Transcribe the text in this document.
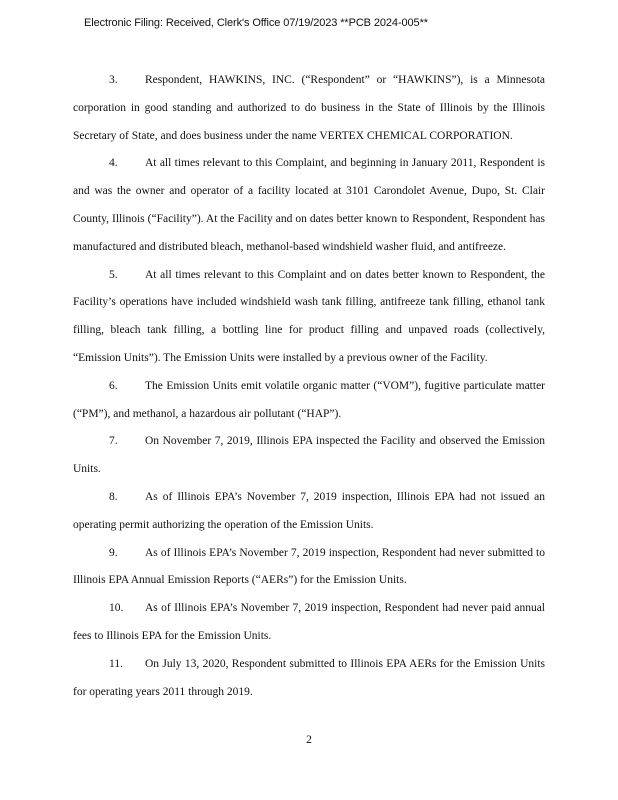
Electronic Filing: Received, Clerk's Office 07/19/2023 **PCB 2024-005**

3. Respondent, HAWKINS, INC. (“Respondent” or “HAWKINS”), is a Minnesota corporation in good standing and authorized to do business in the State of Illinois by the Illinois Secretary of State, and does business under the name VERTEX CHEMICAL CORPORATION.

4. At all times relevant to this Complaint, and beginning in January 2011, Respondent is and was the owner and operator of a facility located at 3101 Carondolet Avenue, Dupo, St. Clair County, Illinois (“Facility”). At the Facility and on dates better known to Respondent, Respondent has manufactured and distributed bleach, methanol-based windshield washer fluid, and antifreeze.

5. At all times relevant to this Complaint and on dates better known to Respondent, the Facility’s operations have included windshield wash tank filling, antifreeze tank filling, ethanol tank filling, bleach tank filling, a bottling line for product filling and unpaved roads (collectively, “Emission Units”). The Emission Units were installed by a previous owner of the Facility.

6. The Emission Units emit volatile organic matter (“VOM”), fugitive particulate matter (“PM”), and methanol, a hazardous air pollutant (“HAP”).

7. On November 7, 2019, Illinois EPA inspected the Facility and observed the Emission Units.

8. As of Illinois EPA’s November 7, 2019 inspection, Illinois EPA had not issued an operating permit authorizing the operation of the Emission Units.

9. As of Illinois EPA’s November 7, 2019 inspection, Respondent had never submitted to Illinois EPA Annual Emission Reports (“AERs”) for the Emission Units.

10. As of Illinois EPA’s November 7, 2019 inspection, Respondent had never paid annual fees to Illinois EPA for the Emission Units.

11. On July 13, 2020, Respondent submitted to Illinois EPA AERs for the Emission Units for operating years 2011 through 2019.

2
